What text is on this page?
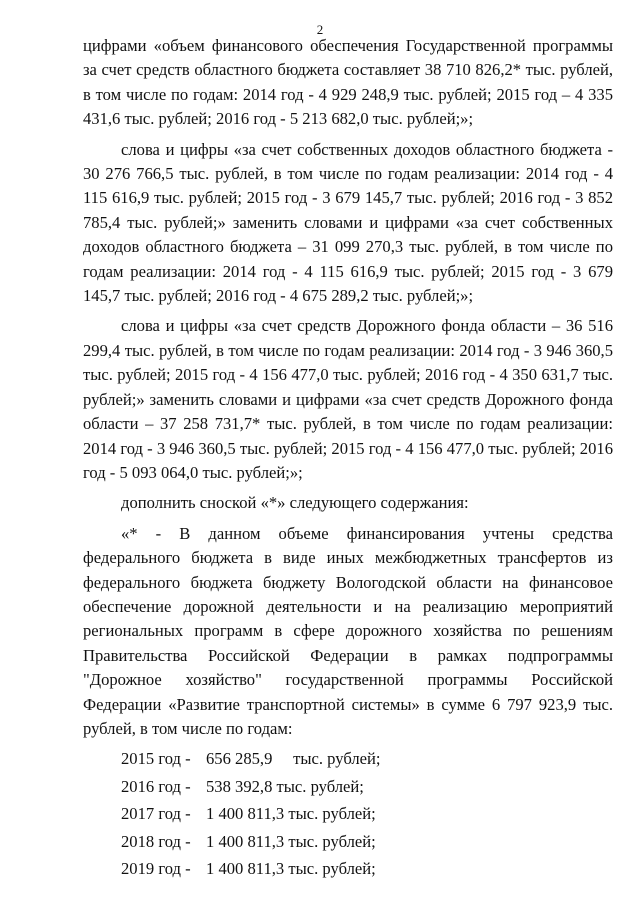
2

цифрами «объем финансового обеспечения Государственной программы за счет средств областного бюджета составляет 38 710 826,2* тыс. рублей, в том числе по годам: 2014 год - 4 929 248,9 тыс. рублей; 2015 год – 4 335 431,6 тыс. рублей; 2016 год - 5 213 682,0 тыс. рублей;»;

слова и цифры «за счет собственных доходов областного бюджета - 30 276 766,5 тыс. рублей, в том числе по годам реализации: 2014 год - 4 115 616,9 тыс. рублей; 2015 год - 3 679 145,7 тыс. рублей; 2016 год - 3 852 785,4 тыс. рублей;» заменить словами и цифрами «за счет собственных доходов областного бюджета – 31 099 270,3 тыс. рублей, в том числе по годам реализации: 2014 год - 4 115 616,9 тыс. рублей; 2015 год - 3 679 145,7 тыс. рублей; 2016 год - 4 675 289,2 тыс. рублей;»;

слова и цифры «за счет средств Дорожного фонда области – 36 516 299,4 тыс. рублей, в том числе по годам реализации: 2014 год - 3 946 360,5 тыс. рублей; 2015 год - 4 156 477,0 тыс. рублей; 2016 год - 4 350 631,7 тыс. рублей;» заменить словами и цифрами «за счет средств Дорожного фонда области – 37 258 731,7* тыс. рублей, в том числе по годам реализации: 2014 год - 3 946 360,5 тыс. рублей; 2015 год - 4 156 477,0 тыс. рублей; 2016 год - 5 093 064,0 тыс. рублей;»;

дополнить сноской «*» следующего содержания:

«* - В данном объеме финансирования учтены средства федерального бюджета в виде иных межбюджетных трансфертов из федерального бюджета бюджету Вологодской области на финансовое обеспечение дорожной деятельности и на реализацию мероприятий региональных программ в сфере дорожного хозяйства по решениям Правительства Российской Федерации в рамках подпрограммы "Дорожное хозяйство" государственной программы Российской Федерации «Развитие транспортной системы» в сумме 6 797 923,9 тыс. рублей, в том числе по годам:

2015 год - 656 285,9     тыс. рублей;
2016 год - 538 392,8 тыс. рублей;
2017 год - 1 400 811,3 тыс. рублей;
2018 год - 1 400 811,3 тыс. рублей;
2019 год - 1 400 811,3 тыс. рублей;
